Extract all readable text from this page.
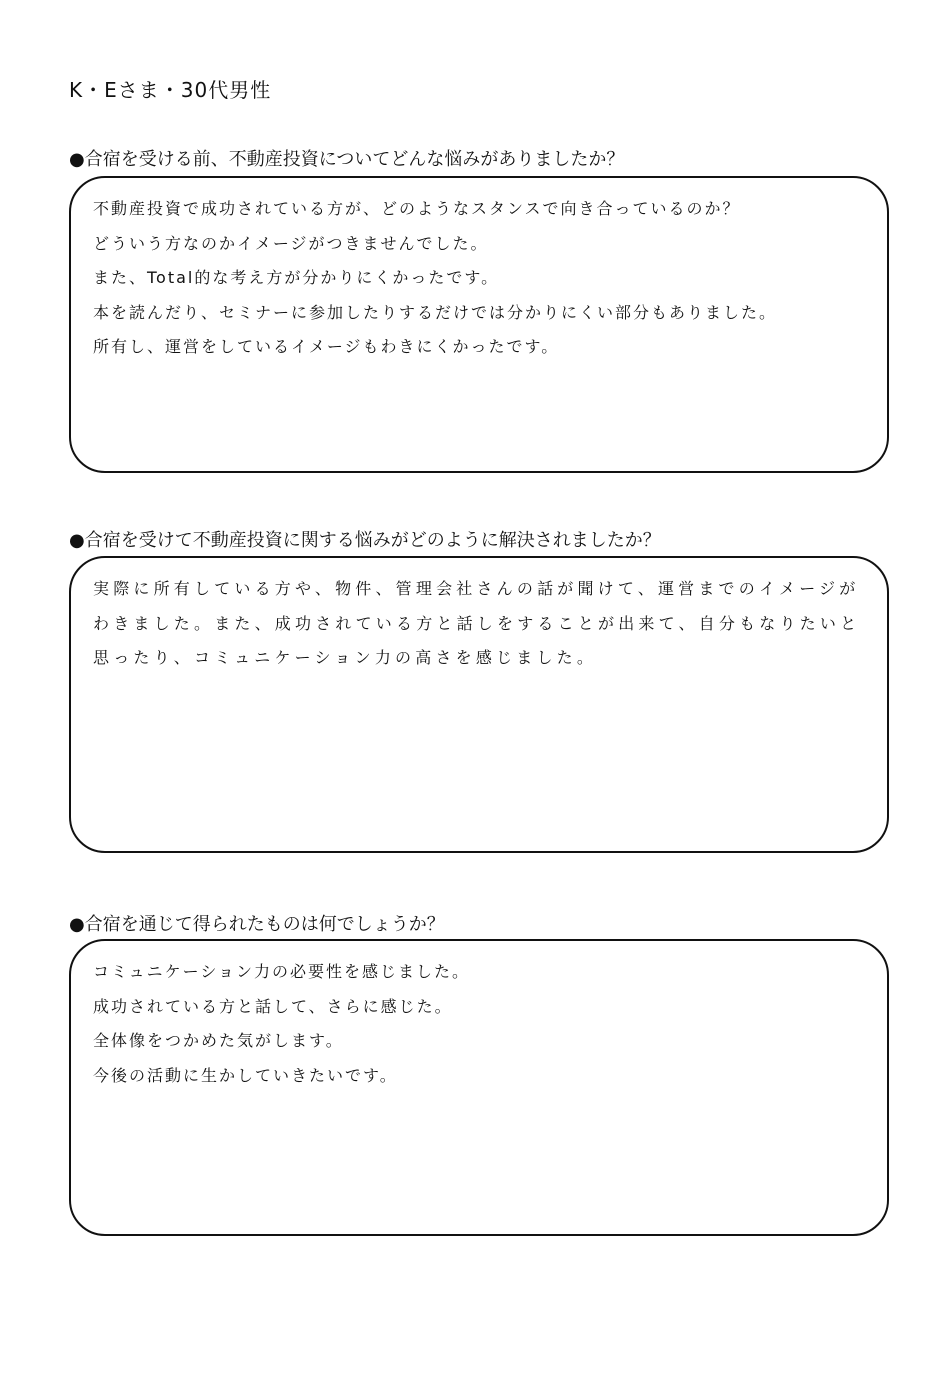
K・Eさま・30代男性
●合宿を受ける前、不動産投資についてどんな悩みがありましたか？
不動産投資で成功されている方が、どのようなスタンスで向き合っているのか？
どういう方なのかイメージがつきませんでした。
また、Total的な考え方が分かりにくかったです。
本を読んだり、セミナーに参加したりするだけでは分かりにくい部分もありました。
所有し、運営をしているイメージもわきにくかったです。
●合宿を受けて不動産投資に関する悩みがどのように解決されましたか？
実際に所有している方や、物件、管理会社さんの話が聞けて、運営までのイメージがわきました。また、成功されている方と話しをすることが出来て、自分もなりたいと思ったり、コミュニケーション力の高さを感じました。
●合宿を通じて得られたものは何でしょうか？
コミュニケーション力の必要性を感じました。
成功されている方と話して、さらに感じた。
全体像をつかめた気がします。
今後の活動に生かしていきたいです。
